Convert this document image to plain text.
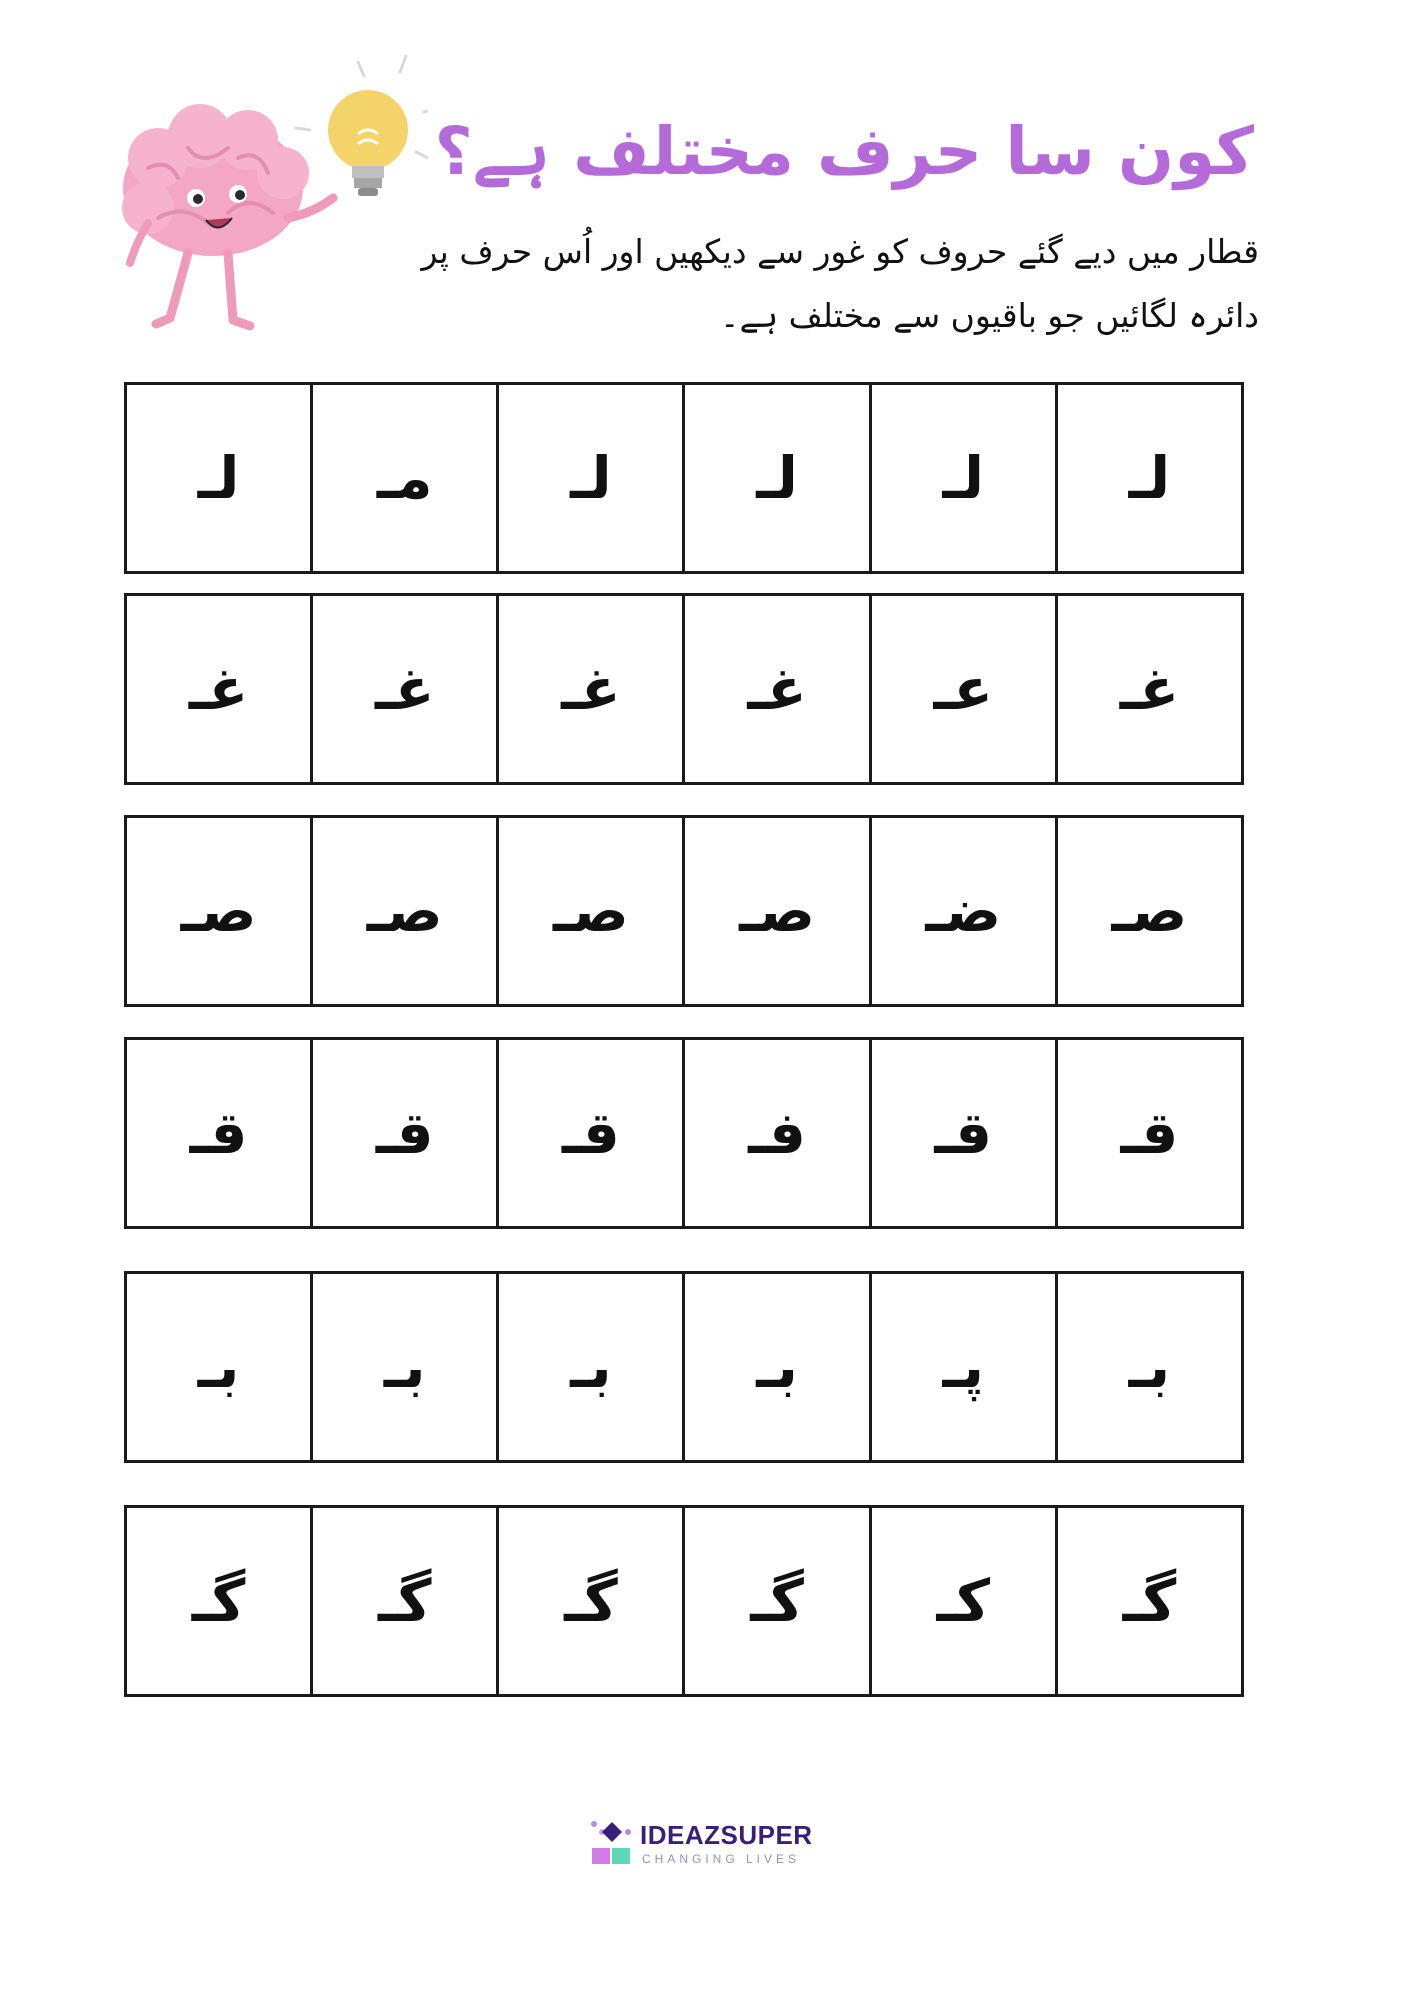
کون سا حرف مختلف ہے؟

قطار میں دیے گئے حروف کو غور سے دیکھیں اور اُس حرف پر دائرہ لگائیں جو باقیوں سے مختلف ہے۔

لـ
لـ
لـ
لـ
مـ
لـ
غـ
عـ
غـ
غـ
غـ
غـ
صـ
ضـ
صـ
صـ
صـ
صـ
قـ
قـ
فـ
قـ
قـ
قـ
بـ
پـ
بـ
بـ
بـ
بـ
گـ
کـ
گـ
گـ
گـ
گـ
IDEAZSUPER
CHANGING LIVES
